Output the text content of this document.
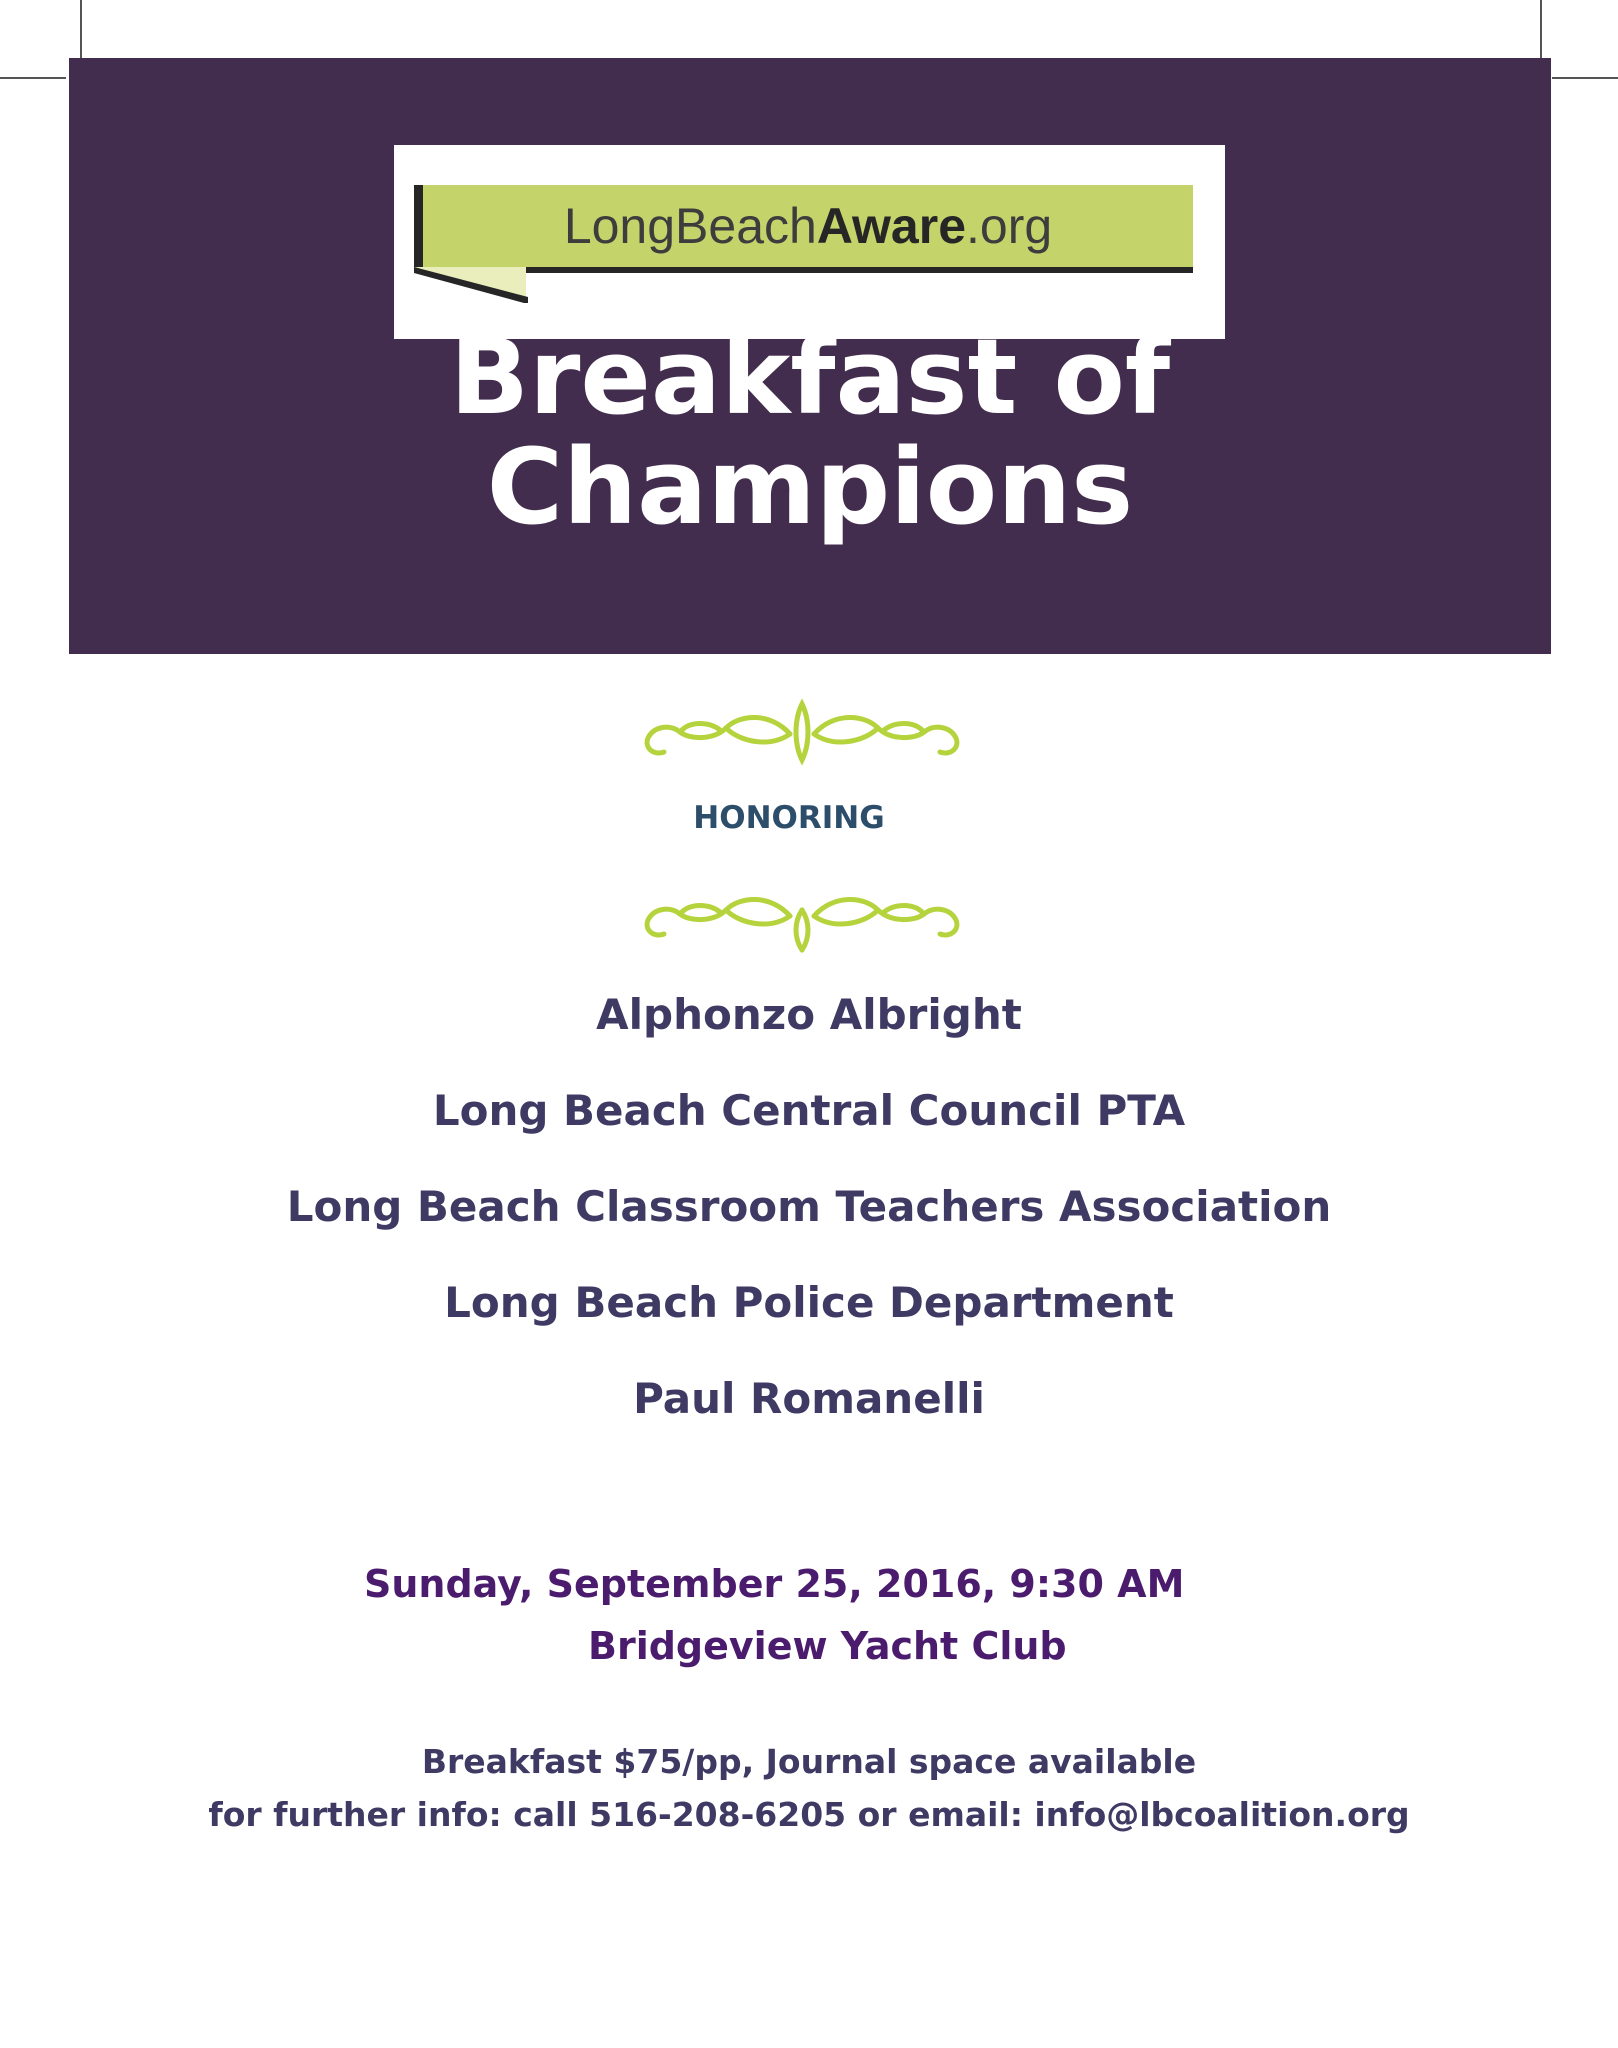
LongBeachAware.org
Breakfast of
Champions
HONORING
Alphonzo Albright
Long Beach Central Council PTA
Long Beach Classroom Teachers Association
Long Beach Police Department
Paul Romanelli
Sunday, September 25, 2016, 9:30 AM
Bridgeview Yacht Club
Breakfast $75/pp, Journal space available
for further info: call 516-208-6205 or email: info@lbcoalition.org
